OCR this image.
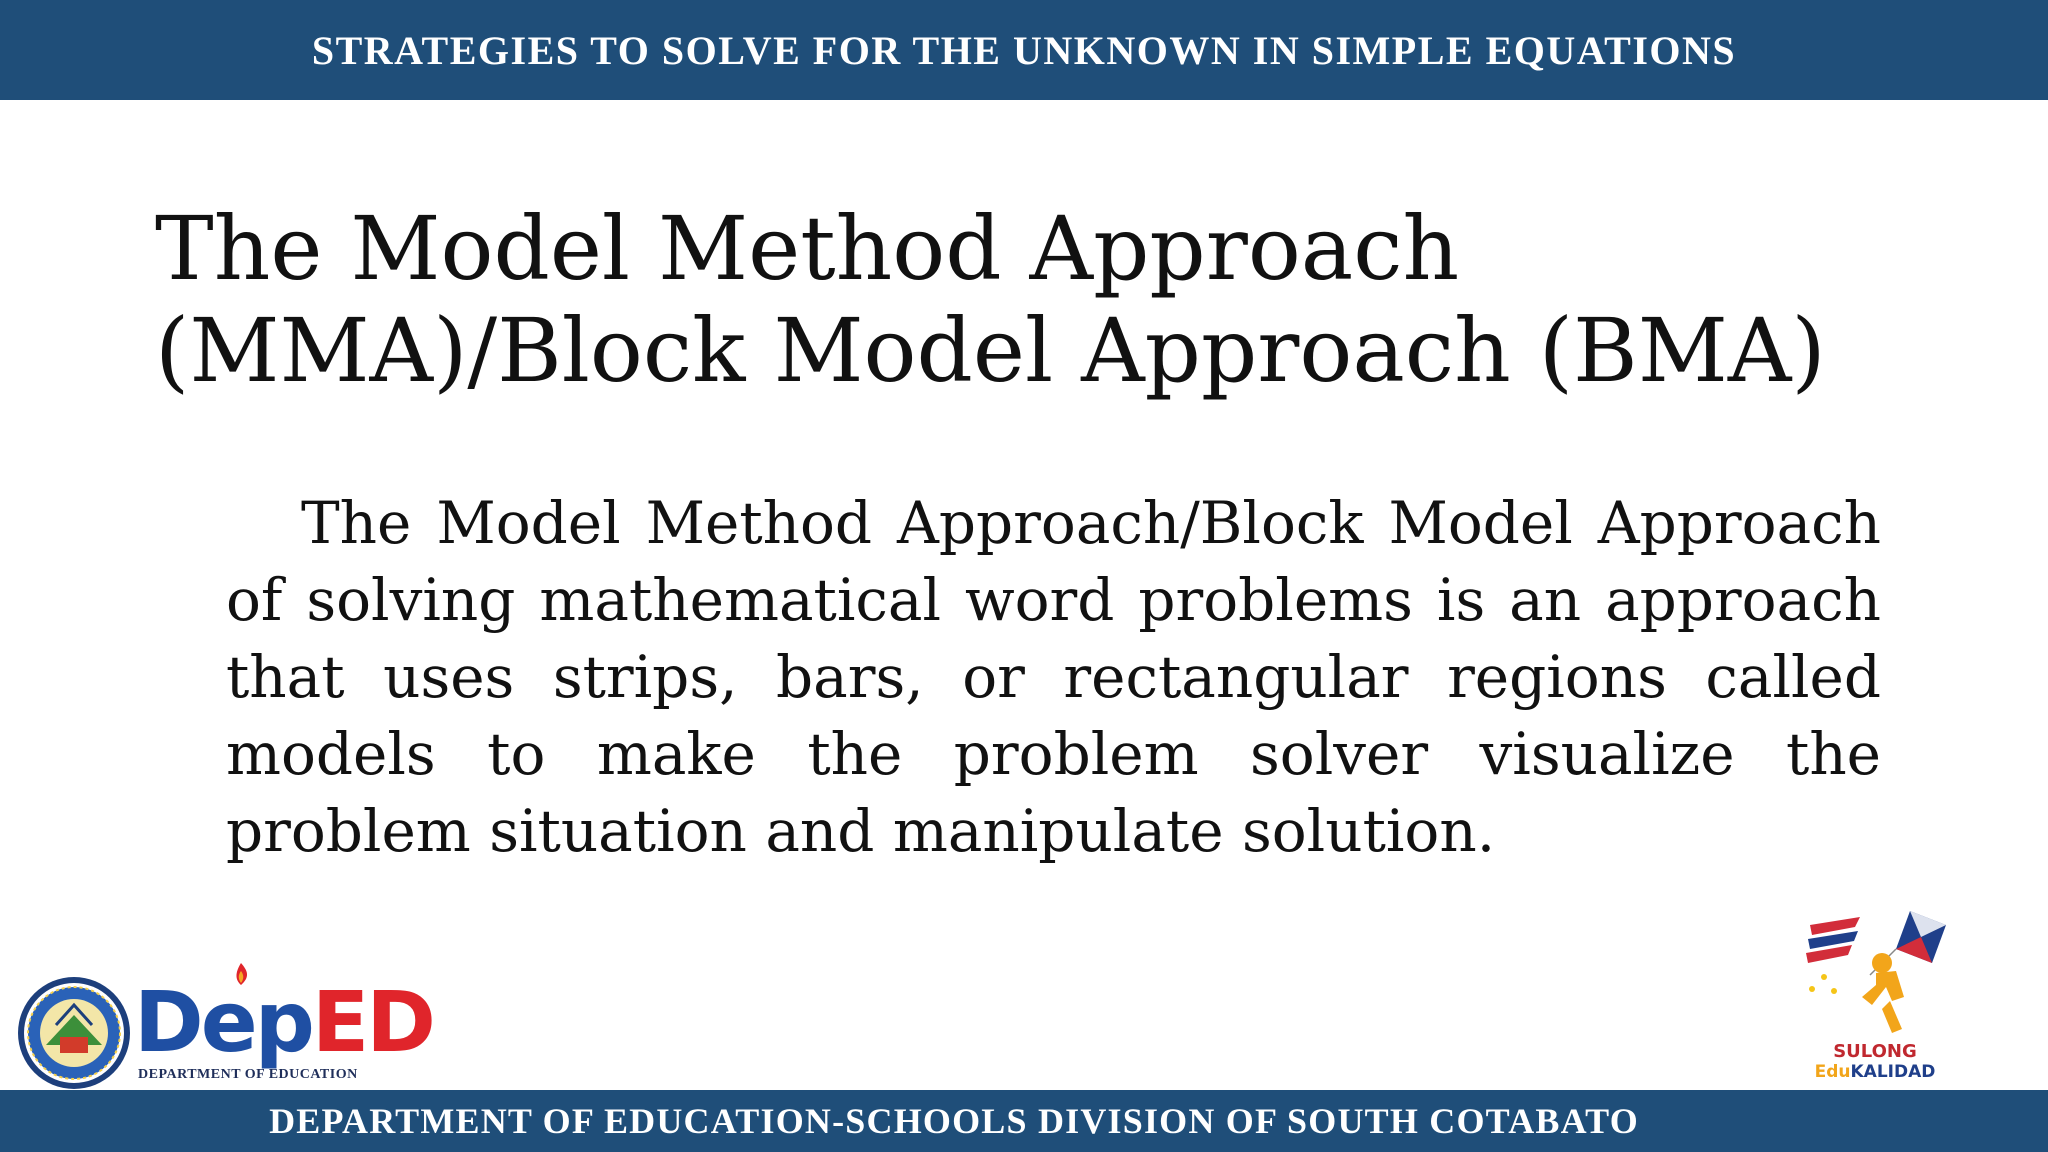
STRATEGIES TO SOLVE FOR THE UNKNOWN IN SIMPLE EQUATIONS
The Model Method Approach
(MMA)/Block Model Approach (BMA)

The Model Method Approach/Block Model Approach of solving mathematical word problems is an approach that uses strips, bars, or rectangular regions called models to make the problem solver visualize the problem situation and manipulate solution.

DepED
DEPARTMENT OF EDUCATION
SULONG
EduKALIDAD
DEPARTMENT OF EDUCATION-SCHOOLS DIVISION OF SOUTH COTABATO
